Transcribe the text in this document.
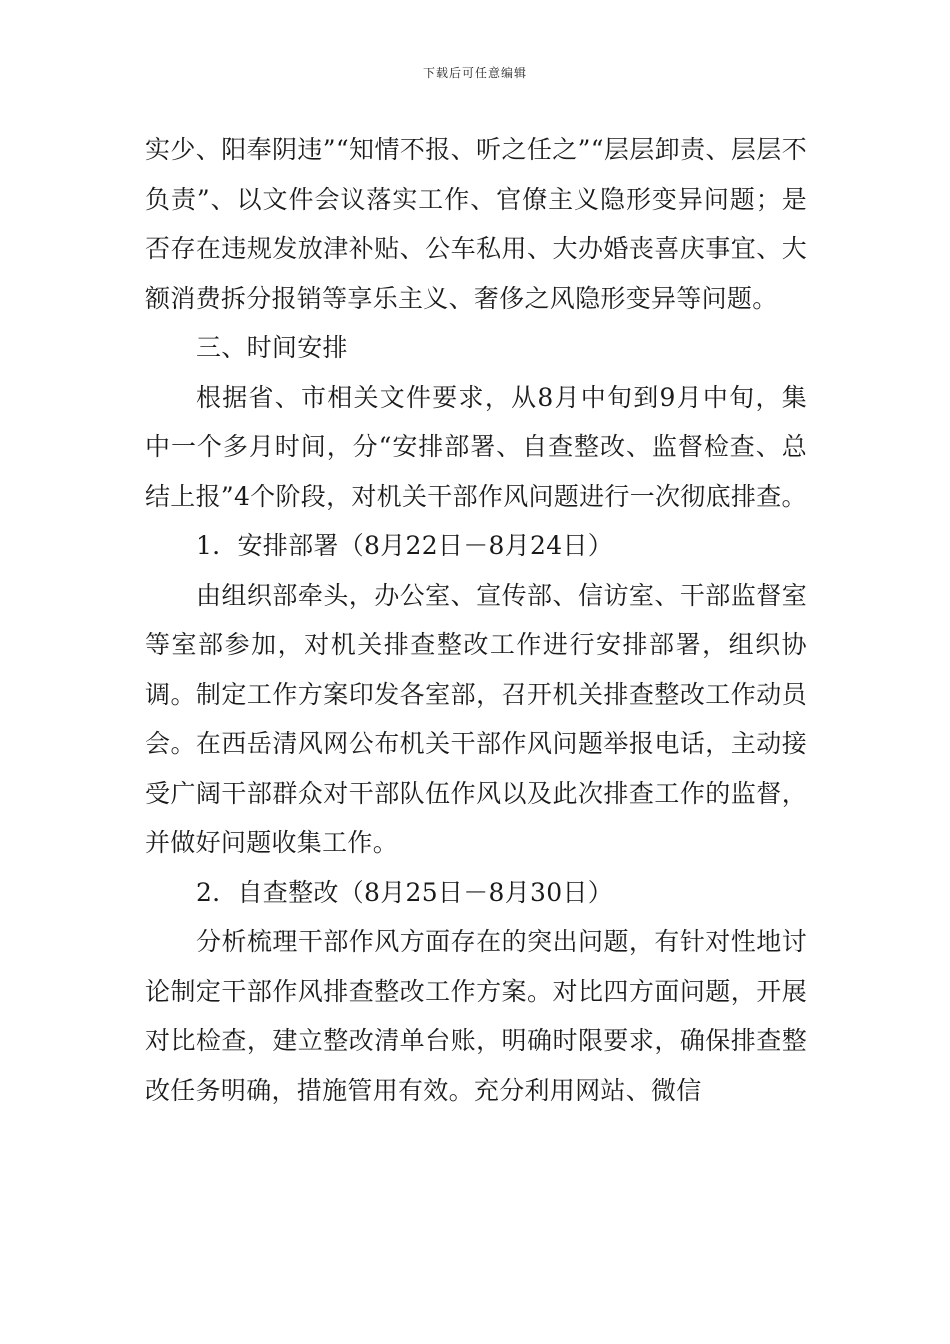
下载后可任意编辑

实少、阳奉阴违”“知情不报、听之任之”“层层卸责、层层不负责”、以文件会议落实工作、官僚主义隐形变异问题；是否存在违规发放津补贴、公车私用、大办婚丧喜庆事宜、大额消费拆分报销等享乐主义、奢侈之风隐形变异等问题。

三、时间安排

根据省、市相关文件要求，从8月中旬到9月中旬，集中一个多月时间，分“安排部署、自查整改、监督检查、总结上报”4个阶段，对机关干部作风问题进行一次彻底排查。

1．安排部署（8月22日－8月24日）

由组织部牵头，办公室、宣传部、信访室、干部监督室等室部参加，对机关排查整改工作进行安排部署，组织协调。制定工作方案印发各室部，召开机关排查整改工作动员会。在西岳清风网公布机关干部作风问题举报电话，主动接受广阔干部群众对干部队伍作风以及此次排查工作的监督，并做好问题收集工作。

2．自查整改（8月25日－8月30日）

分析梳理干部作风方面存在的突出问题，有针对性地讨论制定干部作风排查整改工作方案。对比四方面问题，开展对比检查，建立整改清单台账，明确时限要求，确保排查整改任务明确，措施管用有效。充分利用网站、微信
